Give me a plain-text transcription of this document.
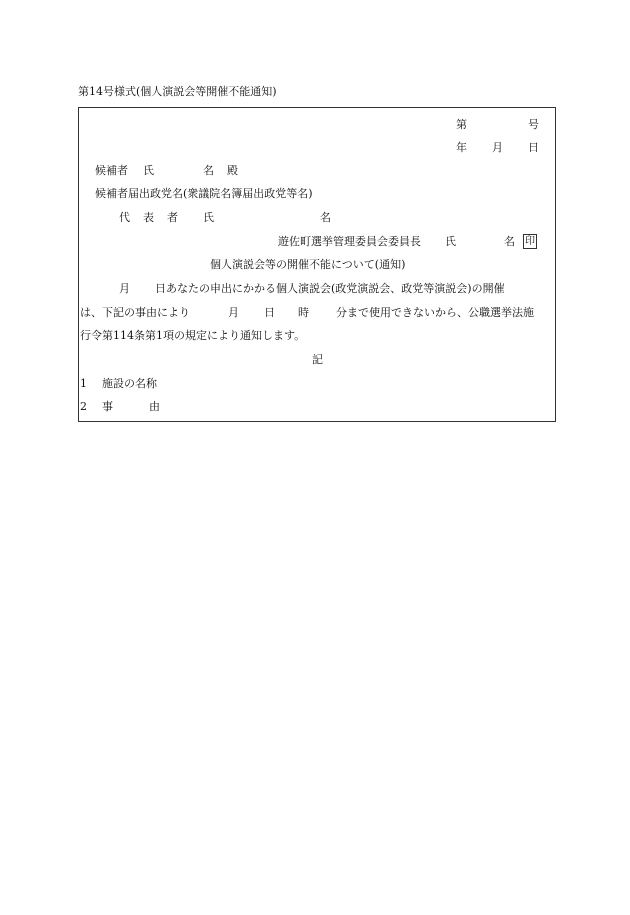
第14号様式(個人演説会等開催不能通知)
第	号
年 月 日
候補者 氏	名 殿
候補者届出政党名(衆議院名簿届出政党等名)
代 表 者 氏	名
遊佐町選挙管理委員会委員長 氏	名 印
個人演説会等の開催不能について(通知)
月 日あなたの申出にかかる個人演説会(政党演説会、政党等演説会)の開催
は、下記の事由により	月 日 時 分まで使用できないから、公職選挙法施
行令第114条第1項の規定により通知します。
記
1 施設の名称
2 事	由
